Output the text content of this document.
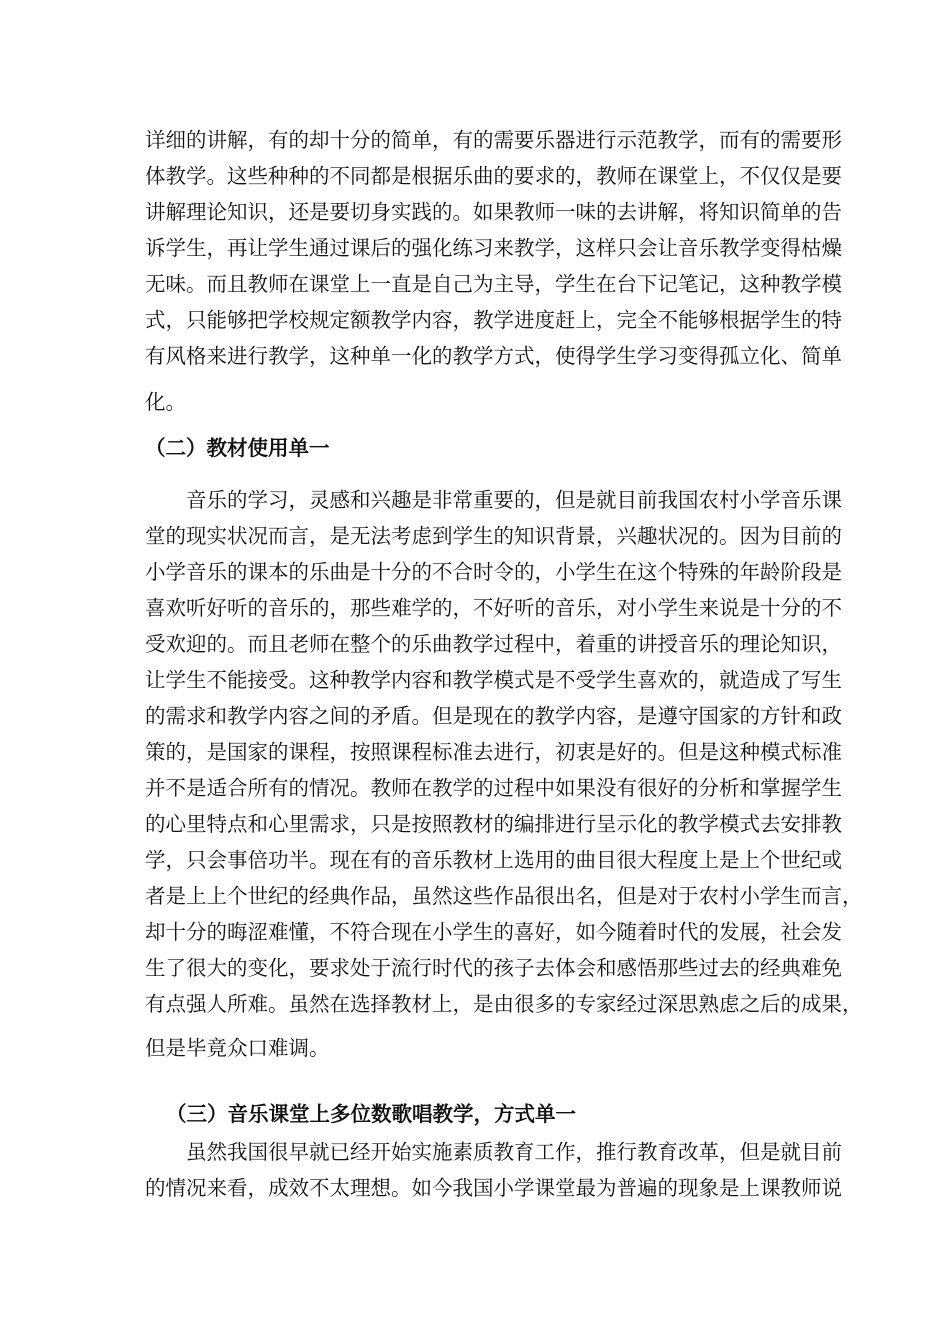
详细的讲解，有的却十分的简单，有的需要乐器进行示范教学，而有的需要形
体教学。这些种种的不同都是根据乐曲的要求的，教师在课堂上，不仅仅是要
讲解理论知识，还是要切身实践的。如果教师一味的去讲解，将知识简单的告
诉学生，再让学生通过课后的强化练习来教学，这样只会让音乐教学变得枯燥
无味。而且教师在课堂上一直是自己为主导，学生在台下记笔记，这种教学模
式，只能够把学校规定额教学内容，教学进度赶上，完全不能够根据学生的特
有风格来进行教学，这种单一化的教学方式，使得学生学习变得孤立化、简单
化。
（二）教材使用单一
音乐的学习，灵感和兴趣是非常重要的，但是就目前我国农村小学音乐课
堂的现实状况而言，是无法考虑到学生的知识背景，兴趣状况的。因为目前的
小学音乐的课本的乐曲是十分的不合时令的，小学生在这个特殊的年龄阶段是
喜欢听好听的音乐的，那些难学的，不好听的音乐，对小学生来说是十分的不
受欢迎的。而且老师在整个的乐曲教学过程中，着重的讲授音乐的理论知识，
让学生不能接受。这种教学内容和教学模式是不受学生喜欢的，就造成了写生
的需求和教学内容之间的矛盾。但是现在的教学内容，是遵守国家的方针和政
策的，是国家的课程，按照课程标准去进行，初衷是好的。但是这种模式标准
并不是适合所有的情况。教师在教学的过程中如果没有很好的分析和掌握学生
的心里特点和心里需求，只是按照教材的编排进行呈示化的教学模式去安排教
学，只会事倍功半。现在有的音乐教材上选用的曲目很大程度上是上个世纪或
者是上上个世纪的经典作品，虽然这些作品很出名，但是对于农村小学生而言，
却十分的晦涩难懂，不符合现在小学生的喜好，如今随着时代的发展，社会发
生了很大的变化，要求处于流行时代的孩子去体会和感悟那些过去的经典难免
有点强人所难。虽然在选择教材上，是由很多的专家经过深思熟虑之后的成果，
但是毕竟众口难调。
（三）音乐课堂上多位数歌唱教学，方式单一
虽然我国很早就已经开始实施素质教育工作，推行教育改革，但是就目前
的情况来看，成效不太理想。如今我国小学课堂最为普遍的现象是上课教师说
